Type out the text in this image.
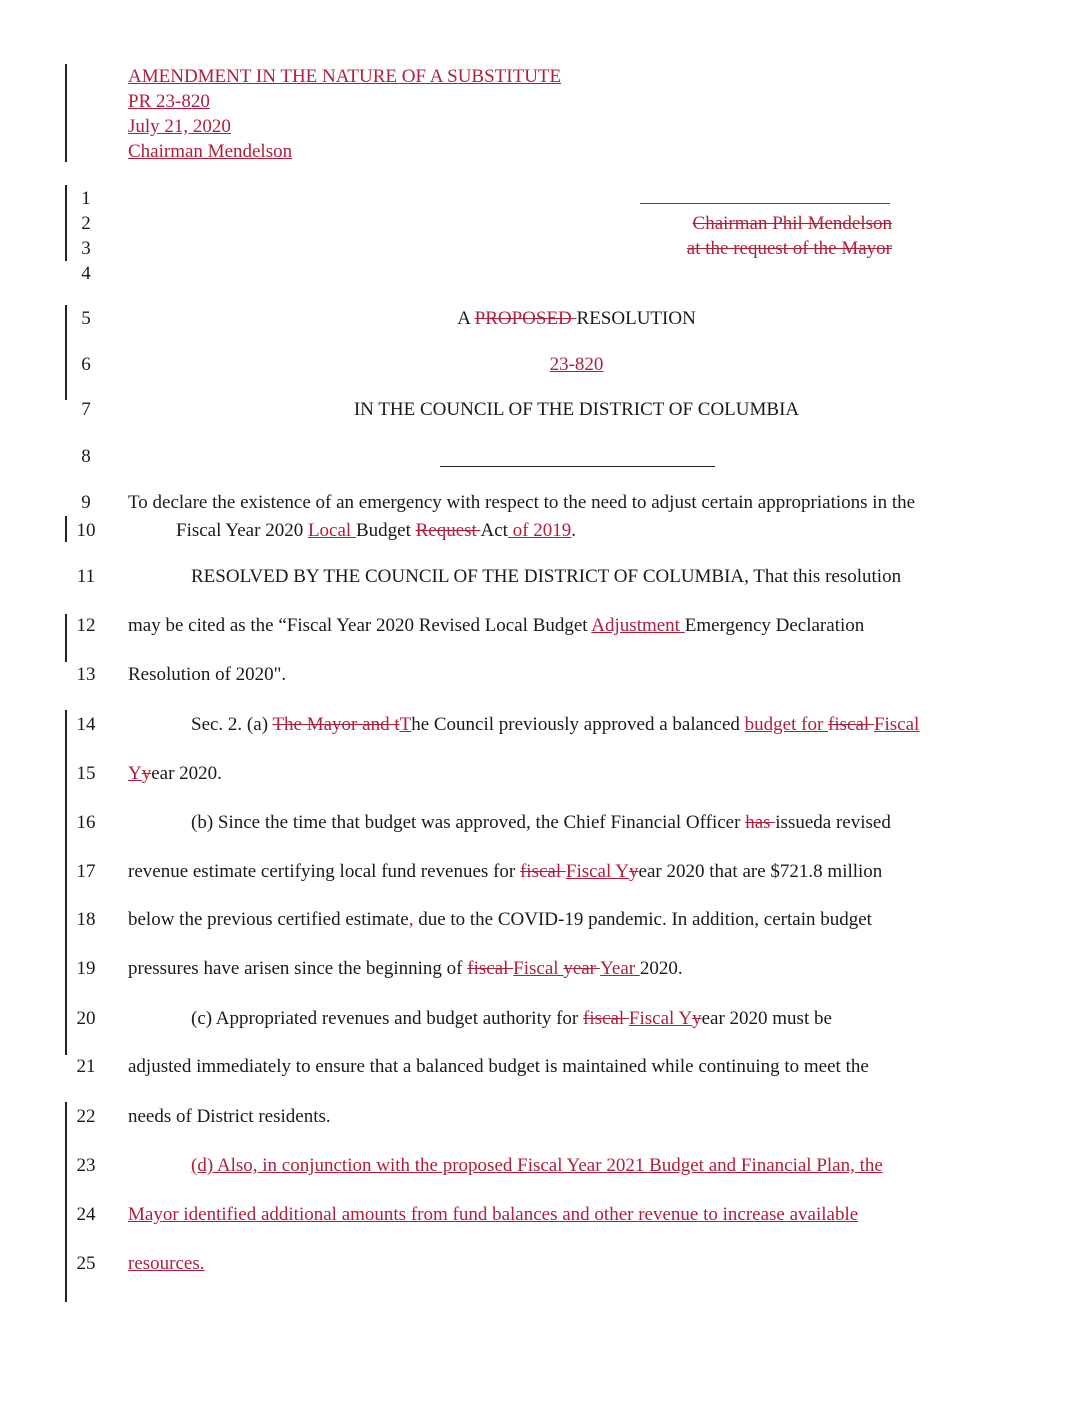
AMENDMENT IN THE NATURE OF A SUBSTITUTE
PR 23-820
July 21, 2020
Chairman Mendelson
1
2
3
4
5
6
7
8
9
10
11
12
13
14
15
16
17
18
19
20
21
22
23
24
25
Chairman Phil Mendelson
at the request of the Mayor
A PROPOSED RESOLUTION
23-820
IN THE COUNCIL OF THE DISTRICT OF COLUMBIA
To declare the existence of an emergency with respect to the need to adjust certain appropriations in the
Fiscal Year 2020 Local Budget Request Act of 2019.
RESOLVED BY THE COUNCIL OF THE DISTRICT OF COLUMBIA, That this resolution
may be cited as the “Fiscal Year 2020 Revised Local Budget Adjustment Emergency Declaration
Resolution of 2020".
Sec. 2. (a) The Mayor and tThe Council previously approved a balanced budget for fiscal Fiscal
Yyear 2020.
(b) Since the time that budget was approved, the Chief Financial Officer has issueda revised
revenue estimate certifying local fund revenues for fiscal Fiscal Yyear 2020 that are $721.8 million
below the previous certified estimate, due to the COVID-19 pandemic. In addition, certain budget
pressures have arisen since the beginning of fiscal Fiscal year Year 2020.
(c) Appropriated revenues and budget authority for fiscal Fiscal Yyear 2020 must be
adjusted immediately to ensure that a balanced budget is maintained while continuing to meet the
needs of District residents.
(d) Also, in conjunction with the proposed Fiscal Year 2021 Budget and Financial Plan, the
Mayor identified additional amounts from fund balances and other revenue to increase available
resources.
